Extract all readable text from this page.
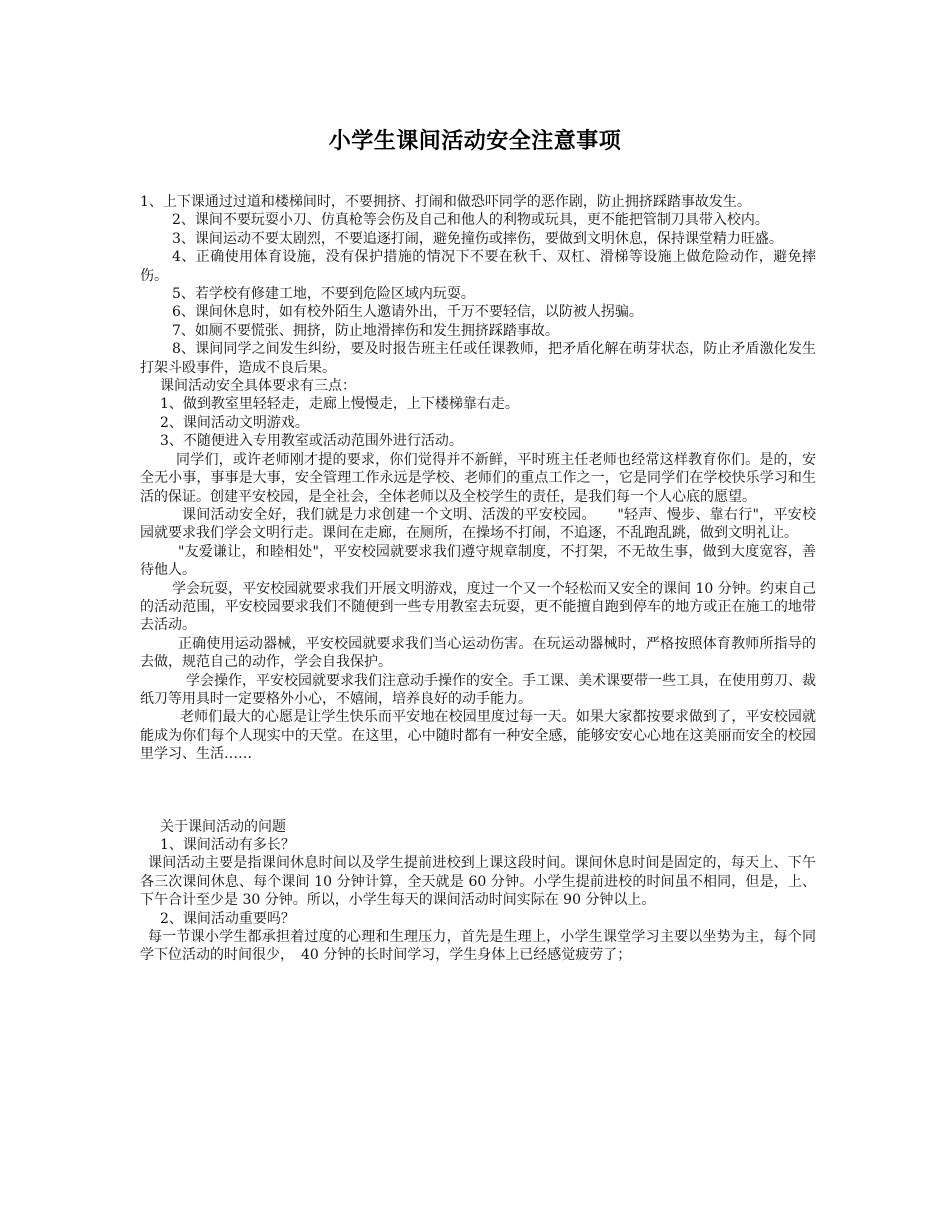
小学生课间活动安全注意事项

1、上下课通过过道和楼梯间时，不要拥挤、打闹和做恐吓同学的恶作剧，防止拥挤踩踏事故发生。

2、课间不要玩耍小刀、仿真枪等会伤及自己和他人的利物或玩具，更不能把管制刀具带入校内。

3、课间运动不要太剧烈，不要追逐打闹，避免撞伤或摔伤，要做到文明休息，保持课堂精力旺盛。

4、正确使用体育设施，没有保护措施的情况下不要在秋千、双杠、滑梯等设施上做危险动作，避免摔伤。

5、若学校有修建工地，不要到危险区域内玩耍。

6、课间休息时，如有校外陌生人邀请外出，千万不要轻信，以防被人拐骗。

7、如厕不要慌张、拥挤，防止地滑摔伤和发生拥挤踩踏事故。

8、课间同学之间发生纠纷，要及时报告班主任或任课教师，把矛盾化解在萌芽状态，防止矛盾激化发生打架斗殴事件，造成不良后果。

课间活动安全具体要求有三点：

1、做到教室里轻轻走，走廊上慢慢走，上下楼梯靠右走。

2、课间活动文明游戏。

3、不随便进入专用教室或活动范围外进行活动。

同学们，或许老师刚才提的要求，你们觉得并不新鲜，平时班主任老师也经常这样教育你们。是的，安全无小事，事事是大事，安全管理工作永远是学校、老师们的重点工作之一，它是同学们在学校快乐学习和生活的保证。创建平安校园，是全社会，全体老师以及全校学生的责任，是我们每一个人心底的愿望。

课间活动安全好，我们就是力求创建一个文明、活泼的平安校园。　　"轻声、慢步、靠右行"，平安校园就要求我们学会文明行走。课间在走廊，在厕所，在操场不打闹，不追逐，不乱跑乱跳，做到文明礼让。

"友爱谦让，和睦相处"，平安校园就要求我们遵守规章制度，不打架，不无故生事，做到大度宽容，善待他人。

学会玩耍，平安校园就要求我们开展文明游戏，度过一个又一个轻松而又安全的课间 10 分钟。约束自己的活动范围，平安校园要求我们不随便到一些专用教室去玩耍，更不能擅自跑到停车的地方或正在施工的地带去活动。

正确使用运动器械，平安校园就要求我们当心运动伤害。在玩运动器械时，严格按照体育教师所指导的去做，规范自己的动作，学会自我保护。

学会操作，平安校园就要求我们注意动手操作的安全。手工课、美术课要带一些工具，在使用剪刀、裁纸刀等用具时一定要格外小心，不嬉闹，培养良好的动手能力。

老师们最大的心愿是让学生快乐而平安地在校园里度过每一天。如果大家都按要求做到了，平安校园就能成为你们每个人现实中的天堂。在这里，心中随时都有一种安全感，能够安安心心地在这美丽而安全的校园里学习、生活……

关于课间活动的问题

1、课间活动有多长？

课间活动主要是指课间休息时间以及学生提前进校到上课这段时间。课间休息时间是固定的，每天上、下午各三次课间休息、每个课间 10 分钟计算，全天就是 60 分钟。小学生提前进校的时间虽不相同，但是，上、下午合计至少是 30 分钟。所以，小学生每天的课间活动时间实际在 90 分钟以上。

2、课间活动重要吗？

每一节课小学生都承担着过度的心理和生理压力，首先是生理上，小学生课堂学习主要以坐势为主，每个同学下位活动的时间很少，　40 分钟的长时间学习，学生身体上已经感觉疲劳了；
